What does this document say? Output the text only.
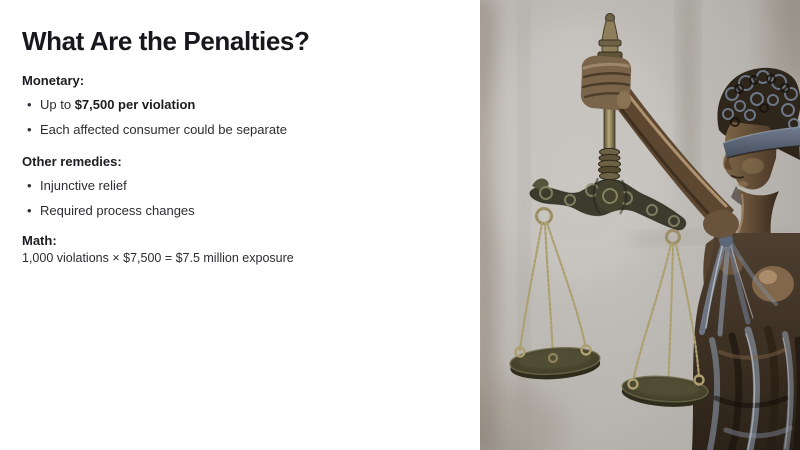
What Are the Penalties?
Monetary:
• Up to $7,500 per violation
• Each affected consumer could be separate
Other remedies:
• Injunctive relief
• Required process changes
Math:

1,000 violations × $7,500 = $7.5 million exposure
